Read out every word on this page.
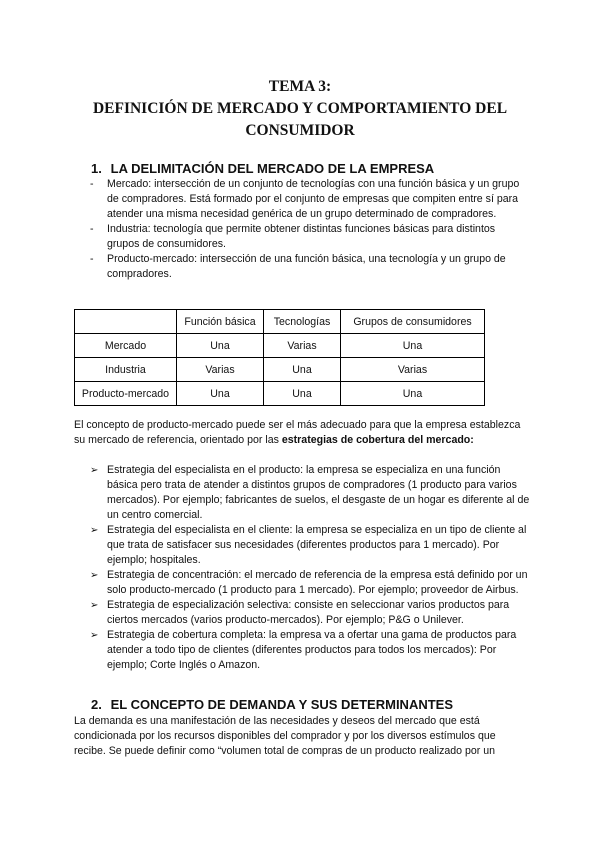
TEMA 3:
DEFINICIÓN DE MERCADO Y COMPORTAMIENTO DEL
CONSUMIDOR
1. LA DELIMITACIÓN DEL MERCADO DE LA EMPRESA
- Mercado: intersección de un conjunto de tecnologías con una función básica y un grupo de compradores. Está formado por el conjunto de empresas que compiten entre sí para atender una misma necesidad genérica de un grupo determinado de compradores.
- Industria: tecnología que permite obtener distintas funciones básicas para distintos grupos de consumidores.
- Producto-mercado: intersección de una función básica, una tecnología y un grupo de compradores.
	Función básica	Tecnologías	Grupos de consumidores
Mercado	Una	Varias	Una
Industria	Varias	Una	Varias
Producto-mercado	Una	Una	Una
El concepto de producto-mercado puede ser el más adecuado para que la empresa establezca su mercado de referencia, orientado por las estrategias de cobertura del mercado:
➢ Estrategia del especialista en el producto: la empresa se especializa en una función básica pero trata de atender a distintos grupos de compradores (1 producto para varios mercados). Por ejemplo; fabricantes de suelos, el desgaste de un hogar es diferente al de un centro comercial.
➢ Estrategia del especialista en el cliente: la empresa se especializa en un tipo de cliente al que trata de satisfacer sus necesidades (diferentes productos para 1 mercado). Por ejemplo; hospitales.
➢ Estrategia de concentración: el mercado de referencia de la empresa está definido por un solo producto-mercado (1 producto para 1 mercado). Por ejemplo; proveedor de Airbus.
➢ Estrategia de especialización selectiva: consiste en seleccionar varios productos para ciertos mercados (varios producto-mercados). Por ejemplo; P&G o Unilever.
➢ Estrategia de cobertura completa: la empresa va a ofertar una gama de productos para atender a todo tipo de clientes (diferentes productos para todos los mercados): Por ejemplo; Corte Inglés o Amazon.
2. EL CONCEPTO DE DEMANDA Y SUS DETERMINANTES
La demanda es una manifestación de las necesidades y deseos del mercado que está condicionada por los recursos disponibles del comprador y por los diversos estímulos que recibe. Se puede definir como “volumen total de compras de un producto realizado por un
